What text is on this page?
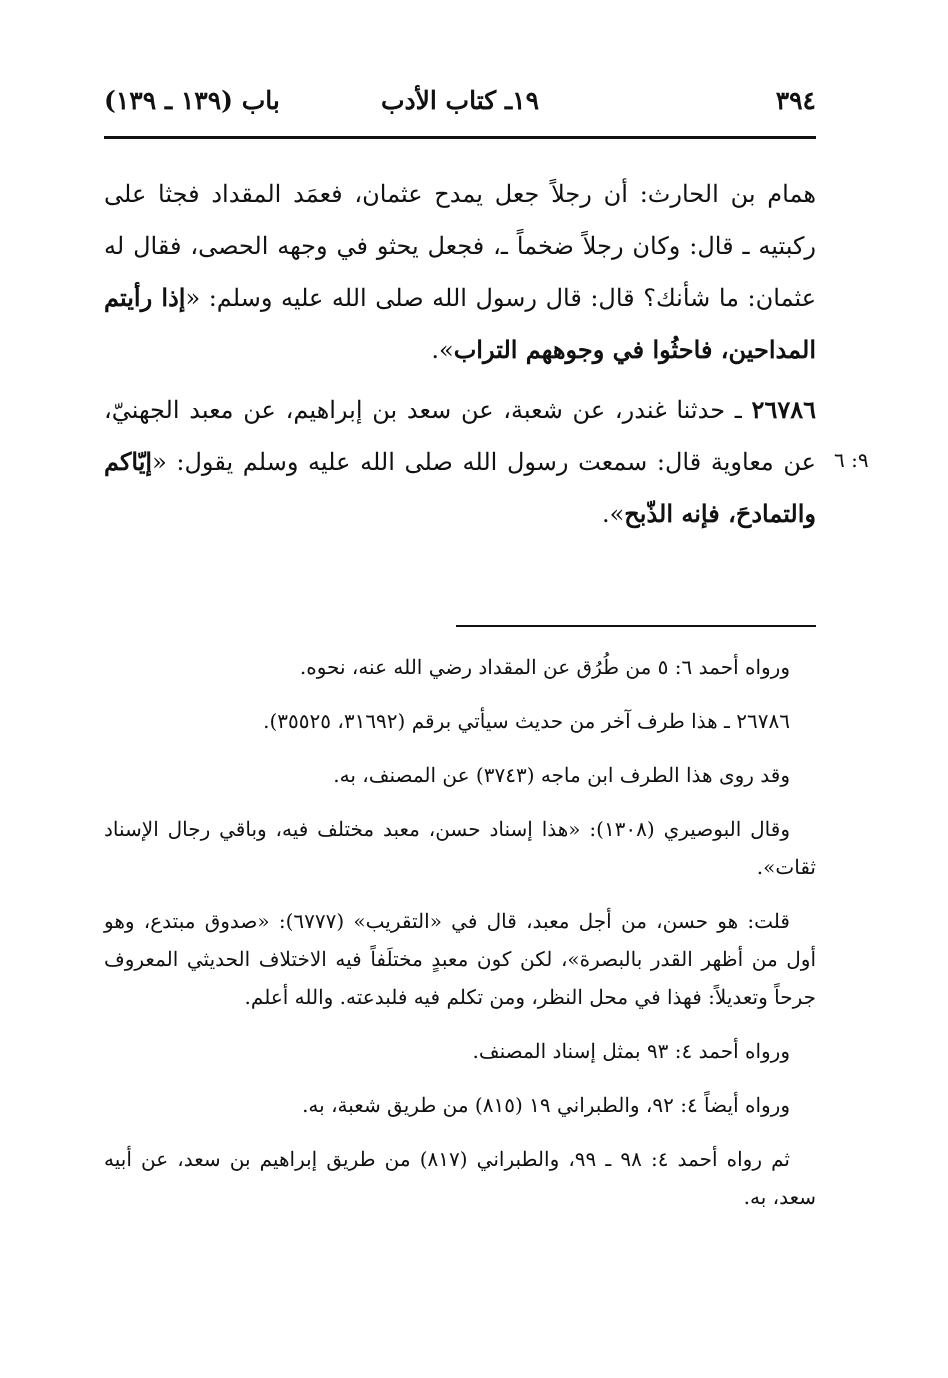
٣٩٤
١٩ـ كتاب الأدب
باب (١٣٩ ـ ١٣٩)

همام بن الحارث: أن رجلاً جعل يمدح عثمان، فعمَد المقداد فجثا على ركبتيه ـ قال: وكان رجلاً ضخماً ـ، فجعل يحثو في وجهه الحصى، فقال له عثمان: ما شأنك؟ قال: قال رسول الله صلى الله عليه وسلم: «إذا رأيتم المداحين، فاحثُوا في وجوههم التراب».

٢٦٧٨٦ ـ حدثنا غندر، عن شعبة، عن سعد بن إبراهيم، عن معبد الجهنيّ، عن معاوية قال: سمعت رسول الله صلى الله عليه وسلم يقول: «إيّاكم والتمادحَ، فإنه الذّبح».

٩: ٦

ورواه أحمد ٦: ٥ من طُرُق عن المقداد رضي الله عنه، نحوه.

٢٦٧٨٦ ـ هذا طرف آخر من حديث سيأتي برقم (٣١٦٩٢، ٣٥٥٢٥).

وقد روى هذا الطرف ابن ماجه (٣٧٤٣) عن المصنف، به.

وقال البوصيري (١٣٠٨): «هذا إسناد حسن، معبد مختلف فيه، وباقي رجال الإسناد ثقات».

قلت: هو حسن، من أجل معبد، قال في «التقريب» (٦٧٧٧): «صدوق مبتدع، وهو أول من أظهر القدر بالبصرة»، لكن كون معبدٍ مختلَفاً فيه الاختلاف الحديثي المعروف جرحاً وتعديلاً: فهذا في محل النظر، ومن تكلم فيه فلبدعته. والله أعلم.

ورواه أحمد ٤: ٩٣ بمثل إسناد المصنف.

ورواه أيضاً ٤: ٩٢، والطبراني ١٩ (٨١٥) من طريق شعبة، به.

ثم رواه أحمد ٤: ٩٨ ـ ٩٩، والطبراني (٨١٧) من طريق إبراهيم بن سعد، عن أبيه سعد، به.
